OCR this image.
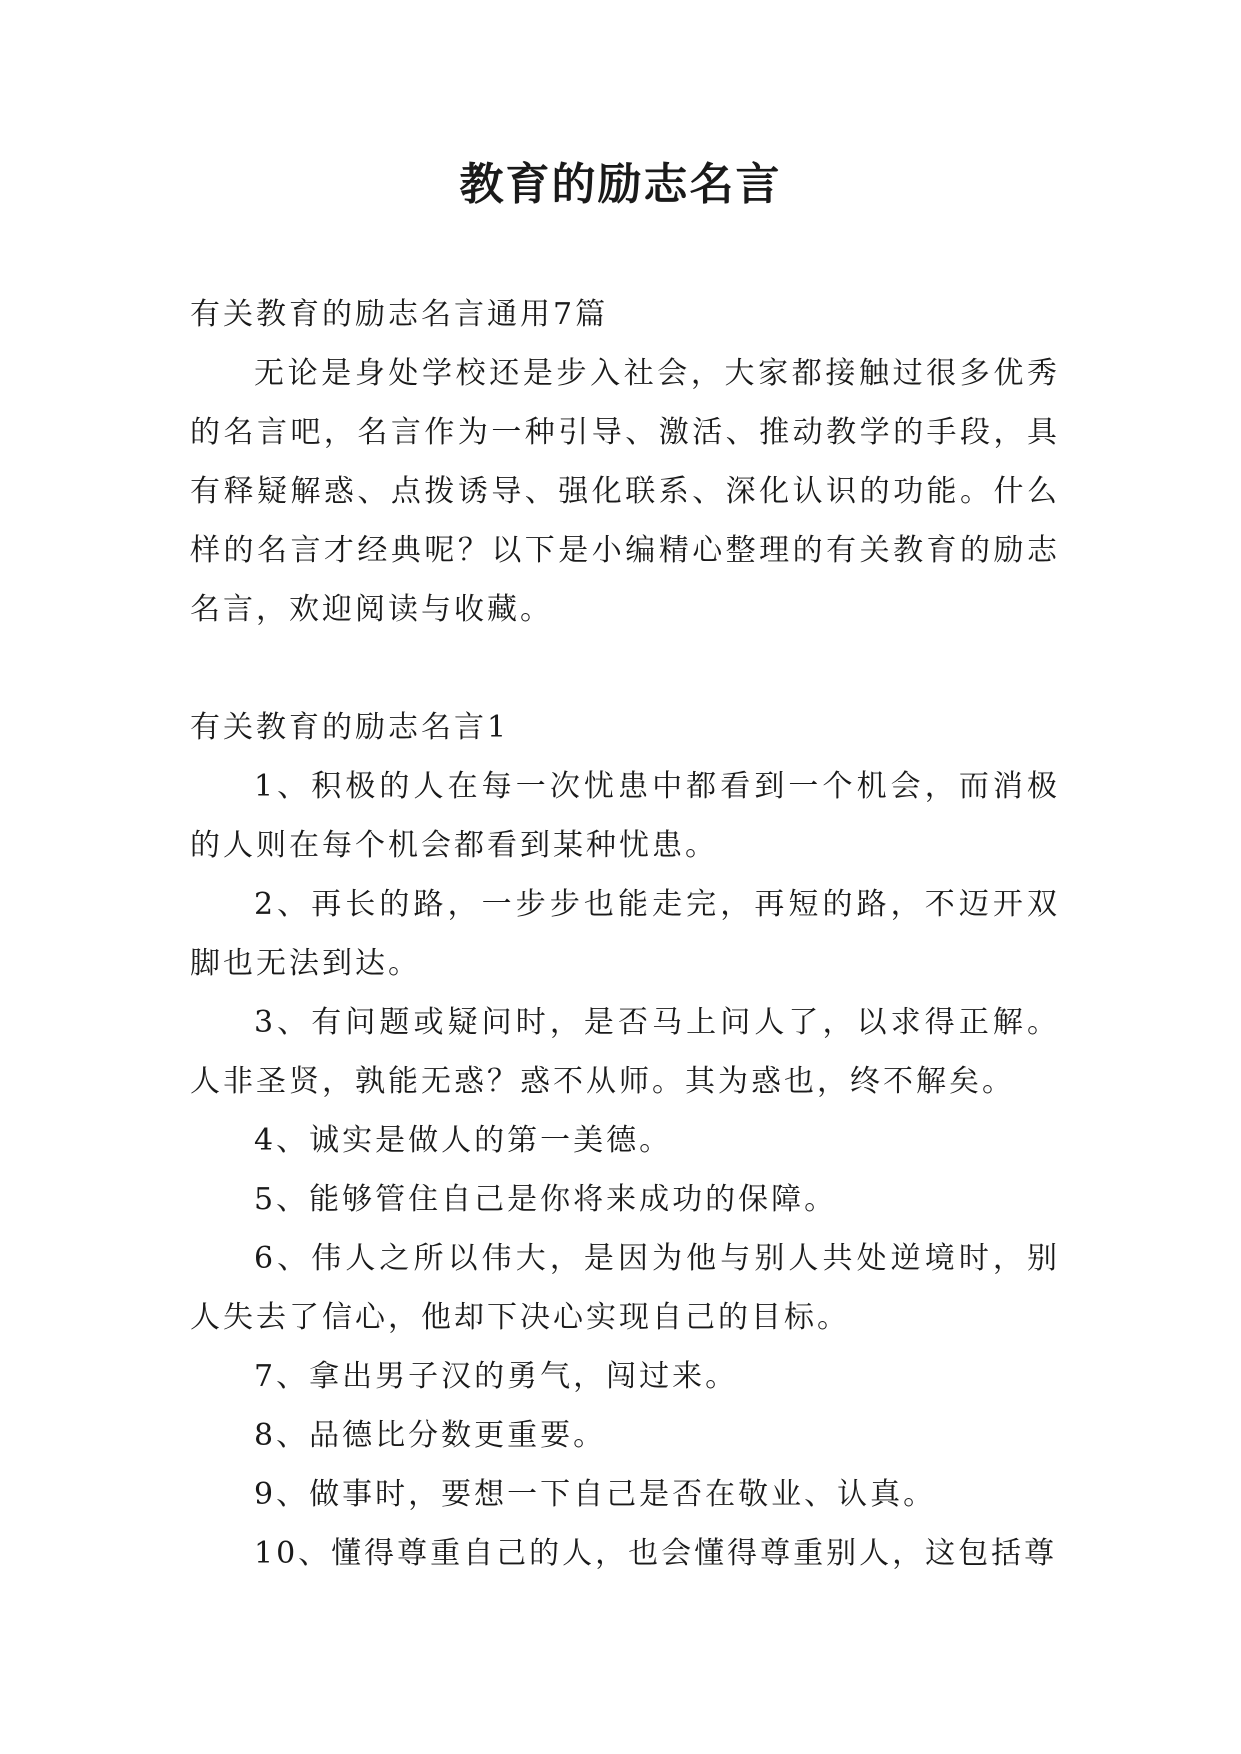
教育的励志名言

有关教育的励志名言通用7篇

无论是身处学校还是步入社会，大家都接触过很多优秀的名言吧，名言作为一种引导、激活、推动教学的手段，具有释疑解惑、点拨诱导、强化联系、深化认识的功能。什么样的名言才经典呢？以下是小编精心整理的有关教育的励志名言，欢迎阅读与收藏。

有关教育的励志名言1

1、积极的人在每一次忧患中都看到一个机会，而消极的人则在每个机会都看到某种忧患。

2、再长的路，一步步也能走完，再短的路，不迈开双脚也无法到达。

3、有问题或疑问时，是否马上问人了，以求得正解。人非圣贤，孰能无惑？惑不从师。其为惑也，终不解矣。

4、诚实是做人的第一美德。

5、能够管住自己是你将来成功的保障。

6、伟人之所以伟大，是因为他与别人共处逆境时，别人失去了信心，他却下决心实现自己的目标。

7、拿出男子汉的勇气，闯过来。

8、品德比分数更重要。

9、做事时，要想一下自己是否在敬业、认真。

10、懂得尊重自己的人，也会懂得尊重别人，这包括尊
